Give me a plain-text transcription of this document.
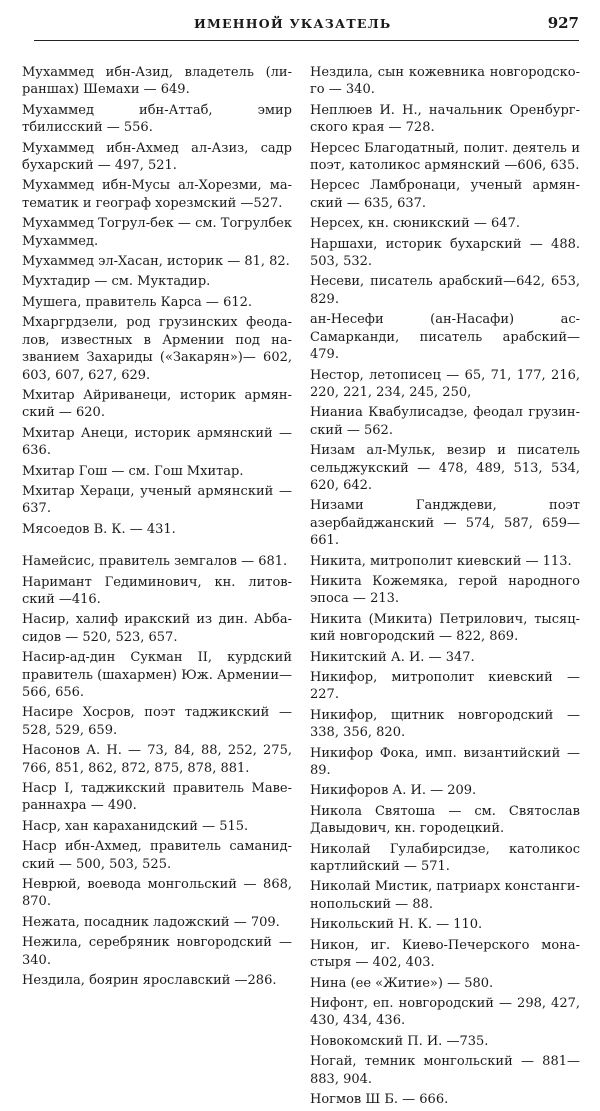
ИМЕННОЙ УКАЗАТЕЛЬ	927
Мухаммед ибн-Азид, владетель (лираншах) Шемахи — 649.
Мухаммед ибн-Аттаб, эмир тбилисский — 556.
Мухаммед ибн-Ахмед ал-Азиз, садр бухарский — 497, 521.
Мухаммед ибн-Мусы ал-Хорезми, математик и географ хорезмский —527.
Мухаммед Тогрул-бек — см. Тогрулбек Мухаммед.
Мухаммед эл-Хасан, историк — 81, 82.
Мухтадир — см. Муктадир.
Мушега, правитель Карса — 612.
Мхаргрдзели, род грузинских феодалов, известных в Армении под названием Захариды («Закарян»)— 602, 603, 607, 627, 629.
Мхитар Айриванеци, историк армянский — 620.
Мхитар Анеци, историк армянский — 636.
Мхитар Гош — см. Гош Мхитар.
Мхитар Хераци, ученый армянский — 637.
Мясоедов В. К. — 431.
Намейсис, правитель земгалов — 681.
Наримант Гедиминович, кн. литовский —416.
Насир, халиф иракский из дин. Abбасидов — 520, 523, 657.
Насир-ад-дин Сукман II, курдский правитель (шахармен) Юж. Армении— 566, 656.
Насире Хосров, поэт таджикский — 528, 529, 659.
Насонов А. Н. — 73, 84, 88, 252, 275, 766, 851, 862, 872, 875, 878, 881.
Наср I, таджикский правитель Мавераннахра — 490.
Наср, хан караханидский — 515.
Наср ибн-Ахмед, правитель саманидский — 500, 503, 525.
Неврюй, воевода монгольский — 868, 870.
Нежата, посадник ладожский — 709.
Нежила, серебряник новгородский — 340.
Нездила, боярин ярославский —286.
Нездила, сын кожевника новгородского — 340.
Неплюев И. Н., начальник Оренбургского края — 728.
Нерсес Благодатный, полит. деятель и поэт, католикос армянский —606, 635.
Нерсес Ламбронаци, ученый армянский — 635, 637.
Нерсех, кн. сюникский — 647.
Наршахи, историк бухарский — 488. 503, 532.
Несеви, писатель арабский—642, 653, 829.
ан-Несефи (ан-Насафи) ас-Самарканди, писатель арабский— 479.
Нестор, летописец — 65, 71, 177, 216, 220, 221, 234, 245, 250,
Нианиа Квабулисадзе, феодал грузинский — 562.
Низам ал-Мульк, везир и писатель сельджукский — 478, 489, 513, 534, 620, 642.
Низами Гандждеви, поэт азербайджанский — 574, 587, 659—661.
Никита, митрополит киевский — 113.
Никита Кожемяка, герой народного эпоса — 213.
Никита (Микита) Петрилович, тысяцкий новгородский — 822, 869.
Никитский А. И. — 347.
Никифор, митрополит киевский — 227.
Никифор, щитник новгородский — 338, 356, 820.
Никифор Фока, имп. византийский —89.
Никифоров А. И. — 209.
Никола Святоша — см. Святослав Давыдович, кн. городецкий.
Николай Гулабирсидзе, католикос картлийский — 571.
Николай Мистик, патриарх констангинопольский — 88.
Никольский Н. К. — 110.
Никон, иг. Киево-Печерского монастыря — 402, 403.
Нина (ее «Житие») — 580.
Нифонт, еп. новгородский — 298, 427, 430, 434, 436.
Новокомский П. И. —735.
Ногай, темник монгольский — 881— 883, 904.
Ногмов Ш Б. — 666.
